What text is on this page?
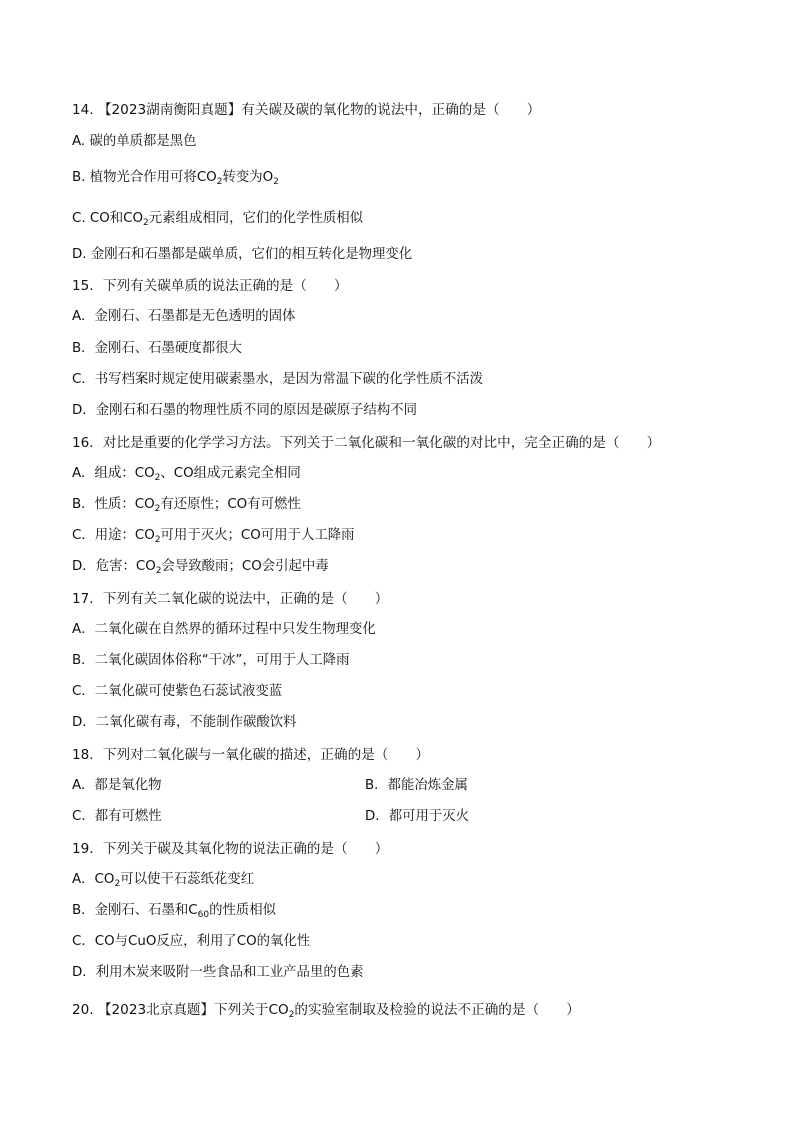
14. 【2023湖南衡阳真题】有关碳及碳的氧化物的说法中，正确的是（　　）
A. 碳的单质都是黑色
B. 植物光合作用可将$CO_2$转变为$O_2$
C. CO和$CO_2$元素组成相同，它们的化学性质相似
D. 金刚石和石墨都是碳单质，它们的相互转化是物理变化
15．下列有关碳单质的说法正确的是（　　）
A．金刚石、石墨都是无色透明的固体
B．金刚石、石墨硬度都很大
C．书写档案时规定使用碳素墨水，是因为常温下碳的化学性质不活泼
D．金刚石和石墨的物理性质不同的原因是碳原子结构不同
16．对比是重要的化学学习方法。下列关于二氧化碳和一氧化碳的对比中，完全正确的是（　　）
A．组成：$CO_2$、CO组成元素完全相同
B．性质：$CO_2$有还原性；CO有可燃性
C．用途：$CO_2$可用于灭火；CO可用于人工降雨
D．危害：$CO_2$会导致酸雨；CO会引起中毒
17．下列有关二氧化碳的说法中，正确的是（　　）
A．二氧化碳在自然界的循环过程中只发生物理变化
B．二氧化碳固体俗称“干冰”，可用于人工降雨
C．二氧化碳可使紫色石蕊试液变蓝
D．二氧化碳有毒，不能制作碳酸饮料
18．下列对二氧化碳与一氧化碳的描述，正确的是（　　）
A．都是氧化物	B．都能冶炼金属
C．都有可燃性	D．都可用于灭火
19．下列关于碳及其氧化物的说法正确的是（　　）
A．$CO_2$可以使干石蕊纸花变红
B．金刚石、石墨和$C_{60}$的性质相似
C．CO与CuO反应，利用了CO的氧化性
D．利用木炭来吸附一些食品和工业产品里的色素
20. 【2023北京真题】下列关于$CO_2$的实验室制取及检验的说法不正确的是（　　）
